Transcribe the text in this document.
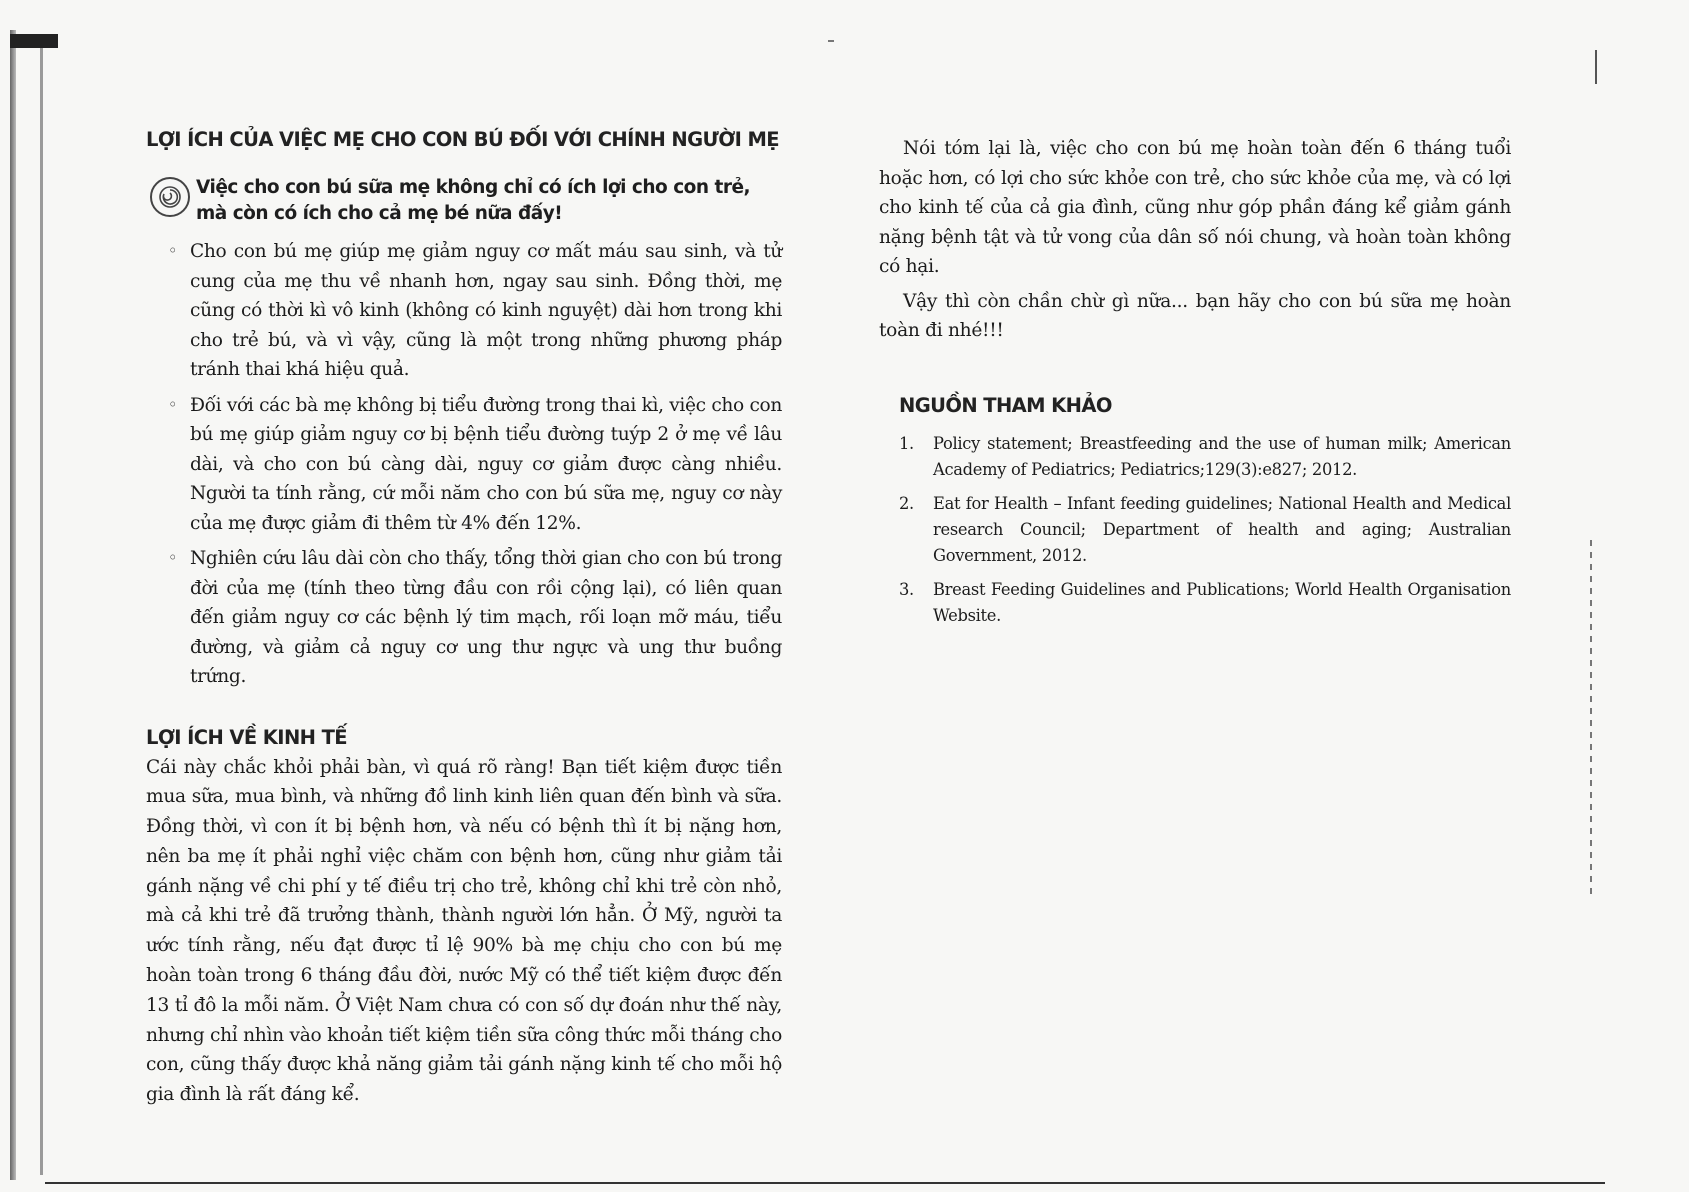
LỢI ÍCH CỦA VIỆC MẸ CHO CON BÚ ĐỐI VỚI CHÍNH NGƯỜI MẸ
Việc cho con bú sữa mẹ không chỉ có ích lợi cho con trẻ,
mà còn có ích cho cả mẹ bé nữa đấy!
◦ Cho con bú mẹ giúp mẹ giảm nguy cơ mất máu sau sinh, và tử cung của mẹ thu về nhanh hơn, ngay sau sinh. Đồng thời, mẹ cũng có thời kì vô kinh (không có kinh nguyệt) dài hơn trong khi cho trẻ bú, và vì vậy, cũng là một trong những phương pháp tránh thai khá hiệu quả.
◦ Đối với các bà mẹ không bị tiểu đường trong thai kì, việc cho con bú mẹ giúp giảm nguy cơ bị bệnh tiểu đường tuýp 2 ở mẹ về lâu dài, và cho con bú càng dài, nguy cơ giảm được càng nhiều. Người ta tính rằng, cứ mỗi năm cho con bú sữa mẹ, nguy cơ này của mẹ được giảm đi thêm từ 4% đến 12%.
◦ Nghiên cứu lâu dài còn cho thấy, tổng thời gian cho con bú trong đời của mẹ (tính theo từng đầu con rồi cộng lại), có liên quan đến giảm nguy cơ các bệnh lý tim mạch, rối loạn mỡ máu, tiểu đường, và giảm cả nguy cơ ung thư ngực và ung thư buồng trứng.
LỢI ÍCH VỀ KINH TẾ

Cái này chắc khỏi phải bàn, vì quá rõ ràng! Bạn tiết kiệm được tiền mua sữa, mua bình, và những đồ linh kinh liên quan đến bình và sữa. Đồng thời, vì con ít bị bệnh hơn, và nếu có bệnh thì ít bị nặng hơn, nên ba mẹ ít phải nghỉ việc chăm con bệnh hơn, cũng như giảm tải gánh nặng về chi phí y tế điều trị cho trẻ, không chỉ khi trẻ còn nhỏ, mà cả khi trẻ đã trưởng thành, thành người lớn hẳn. Ở Mỹ, người ta ước tính rằng, nếu đạt được tỉ lệ 90% bà mẹ chịu cho con bú mẹ hoàn toàn trong 6 tháng đầu đời, nước Mỹ có thể tiết kiệm được đến 13 tỉ đô la mỗi năm. Ở Việt Nam chưa có con số dự đoán như thế này, nhưng chỉ nhìn vào khoản tiết kiệm tiền sữa công thức mỗi tháng cho con, cũng thấy được khả năng giảm tải gánh nặng kinh tế cho mỗi hộ gia đình là rất đáng kể.

Nói tóm lại là, việc cho con bú mẹ hoàn toàn đến 6 tháng tuổi hoặc hơn, có lợi cho sức khỏe con trẻ, cho sức khỏe của mẹ, và có lợi cho kinh tế của cả gia đình, cũng như góp phần đáng kể giảm gánh nặng bệnh tật và tử vong của dân số nói chung, và hoàn toàn không có hại.

Vậy thì còn chần chừ gì nữa... bạn hãy cho con bú sữa mẹ hoàn toàn đi nhé!!!

NGUỒN THAM KHẢO
1.	Policy statement; Breastfeeding and the use of human milk; American Academy of Pediatrics; Pediatrics;129(3):e827; 2012.
2.	Eat for Health – Infant feeding guidelines; National Health and Medical research Council; Department of health and aging; Australian Government, 2012.
3.	Breast Feeding Guidelines and Publications; World Health Organisation Website.
